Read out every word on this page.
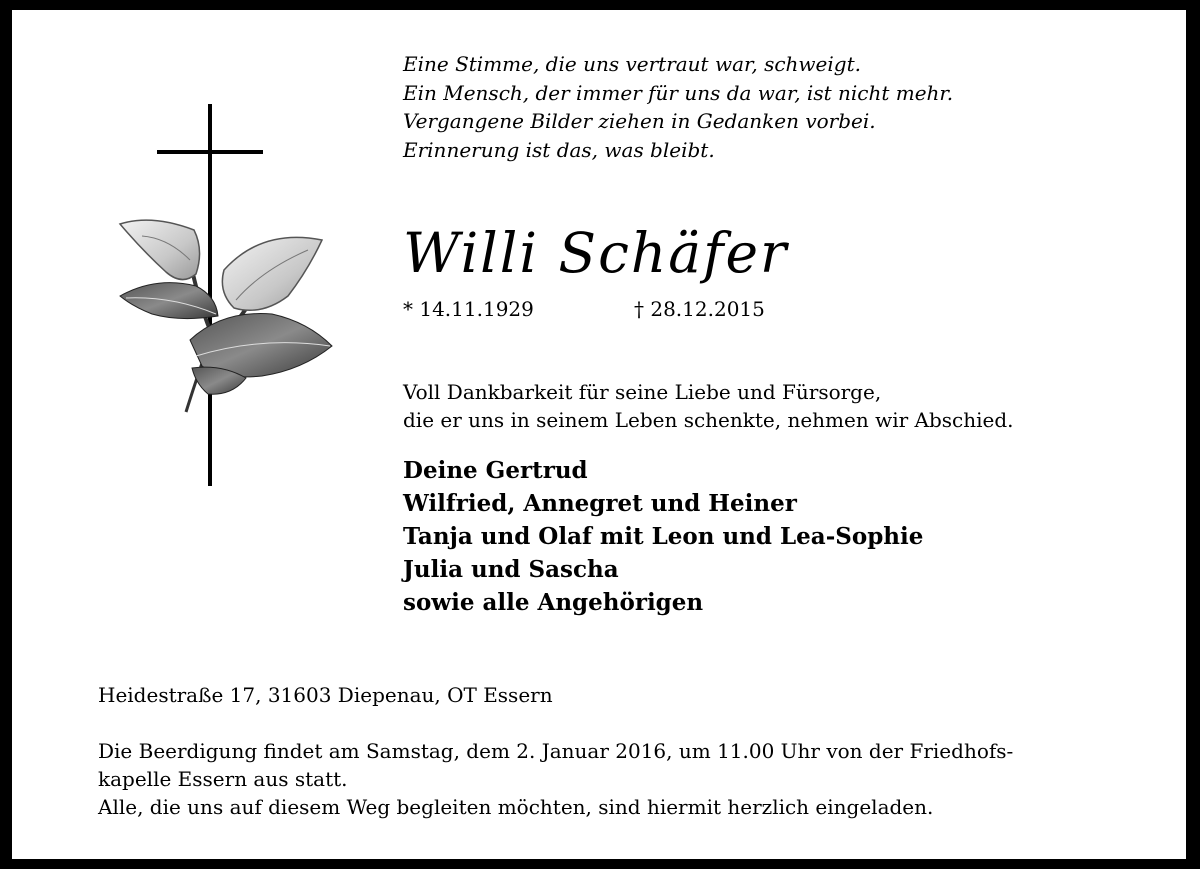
Eine Stimme, die uns vertraut war, schweigt.
Ein Mensch, der immer für uns da war, ist nicht mehr.
Vergangene Bilder ziehen in Gedanken vorbei.
Erinnerung ist das, was bleibt.
Willi Schäfer
* 14.11.1929	† 28.12.2015
Voll Dankbarkeit für seine Liebe und Fürsorge,
die er uns in seinem Leben schenkte, nehmen wir Abschied.
Deine Gertrud
Wilfried, Annegret und Heiner
Tanja und Olaf mit Leon und Lea-Sophie
Julia und Sascha
sowie alle Angehörigen
Heidestraße 17, 31603 Diepenau, OT Essern
Die Beerdigung findet am Samstag, dem 2. Januar 2016, um 11.00 Uhr von der Friedhofs-
kapelle Essern aus statt.
Alle, die uns auf diesem Weg begleiten möchten, sind hiermit herzlich eingeladen.
